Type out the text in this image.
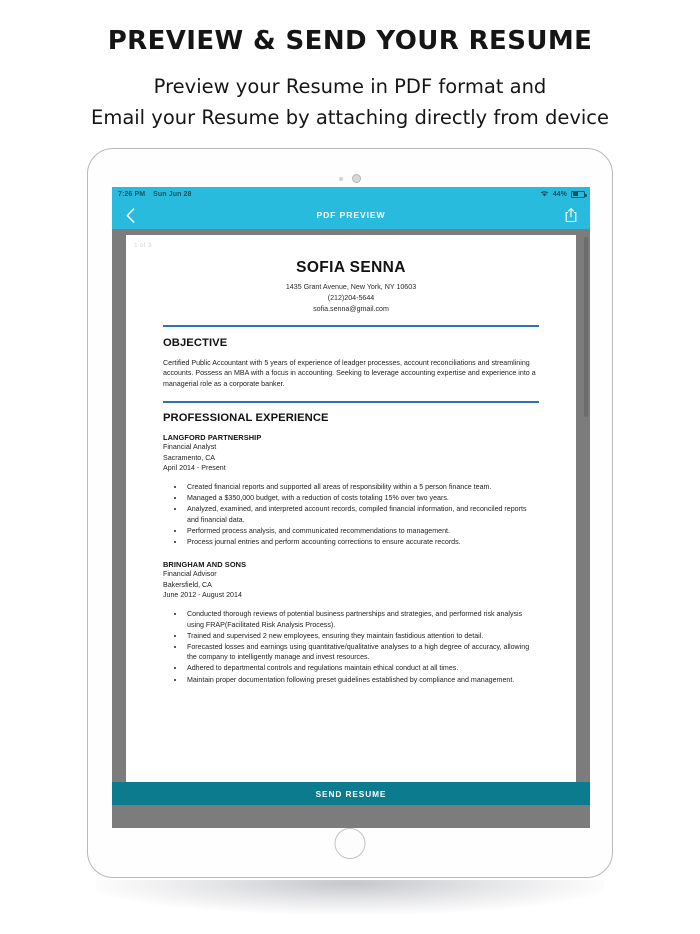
PREVIEW & SEND YOUR RESUME
Preview your Resume in PDF format and
Email your Resume by attaching directly from device
7:26 PM Sun Jun 28	44%
PDF PREVIEW
1 of 3
SOFIA SENNA
1435 Grant Avenue, New York, NY 10603
(212)204-5644
sofia.senna@gmail.com
OBJECTIVE
Certified Public Accountant with 5 years of experience of leadger processes, account reconciliations and streamlining accounts. Possess an MBA with a focus in accounting. Seeking to leverage accounting expertise and experience into a managerial role as a corporate banker.
PROFESSIONAL EXPERIENCE
LANGFORD PARTNERSHIP
Financial Analyst
Sacramento, CA
April 2014 - Present
• Created financial reports and supported all areas of responsibility within a 5 person finance team.
• Managed a $350,000 budget, with a reduction of costs totaling 15% over two years.
• Analyzed, examined, and interpreted account records, compiled financial information, and reconciled reports and financial data.
• Performed process analysis, and communicated recommendations to management.
• Process journal entries and perform accounting corrections to ensure accurate records.
BRINGHAM AND SONS
Financial Advisor
Bakersfield, CA
June 2012 - August 2014
• Conducted thorough reviews of potential business partnerships and strategies, and performed risk analysis using FRAP(Facilitated Risk Analysis Process).
• Trained and supervised 2 new employees, ensuring they maintain fastidious attention to detail.
• Forecasted losses and earnings using quantitative/qualitative analyses to a high degree of accuracy, allowing the company to intelligently manage and invest resources.
• Adhered to departmental controls and regulations maintain ethical conduct at all times.
• Maintain proper documentation following preset guidelines established by compliance and management.
SEND RESUME
